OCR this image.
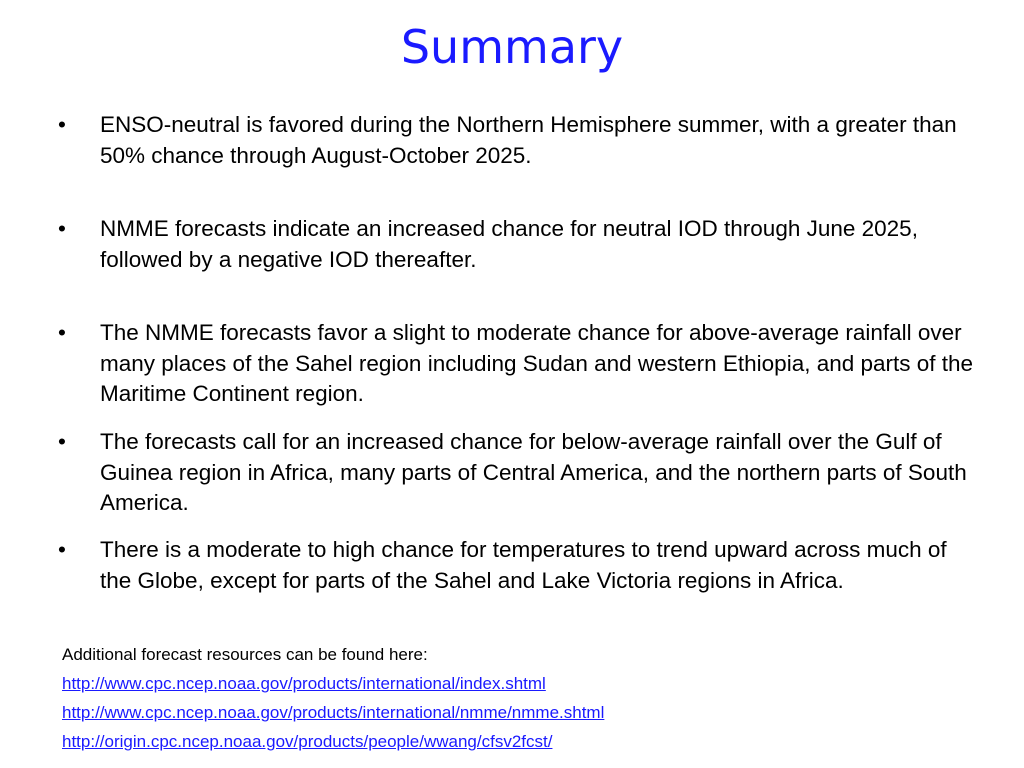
Summary
•	ENSO-neutral is favored during the Northern Hemisphere summer, with a greater than 50% chance through August-October 2025.
•	NMME forecasts indicate an increased chance for neutral IOD through June 2025, followed by a negative IOD thereafter.
•	The NMME forecasts favor a slight to moderate chance for above-average rainfall over many places of the Sahel region including Sudan and western Ethiopia, and parts of the Maritime Continent region.
•	The forecasts call for an increased chance for below-average rainfall over the Gulf of Guinea region in Africa, many parts of Central America, and the northern parts of South America.
•	There is a moderate to high chance for temperatures to trend upward across much of the Globe, except for parts of the Sahel and Lake Victoria regions in Africa.
Additional forecast resources can be found here:
http://www.cpc.ncep.noaa.gov/products/international/index.shtml
http://www.cpc.ncep.noaa.gov/products/international/nmme/nmme.shtml
http://origin.cpc.ncep.noaa.gov/products/people/wwang/cfsv2fcst/
